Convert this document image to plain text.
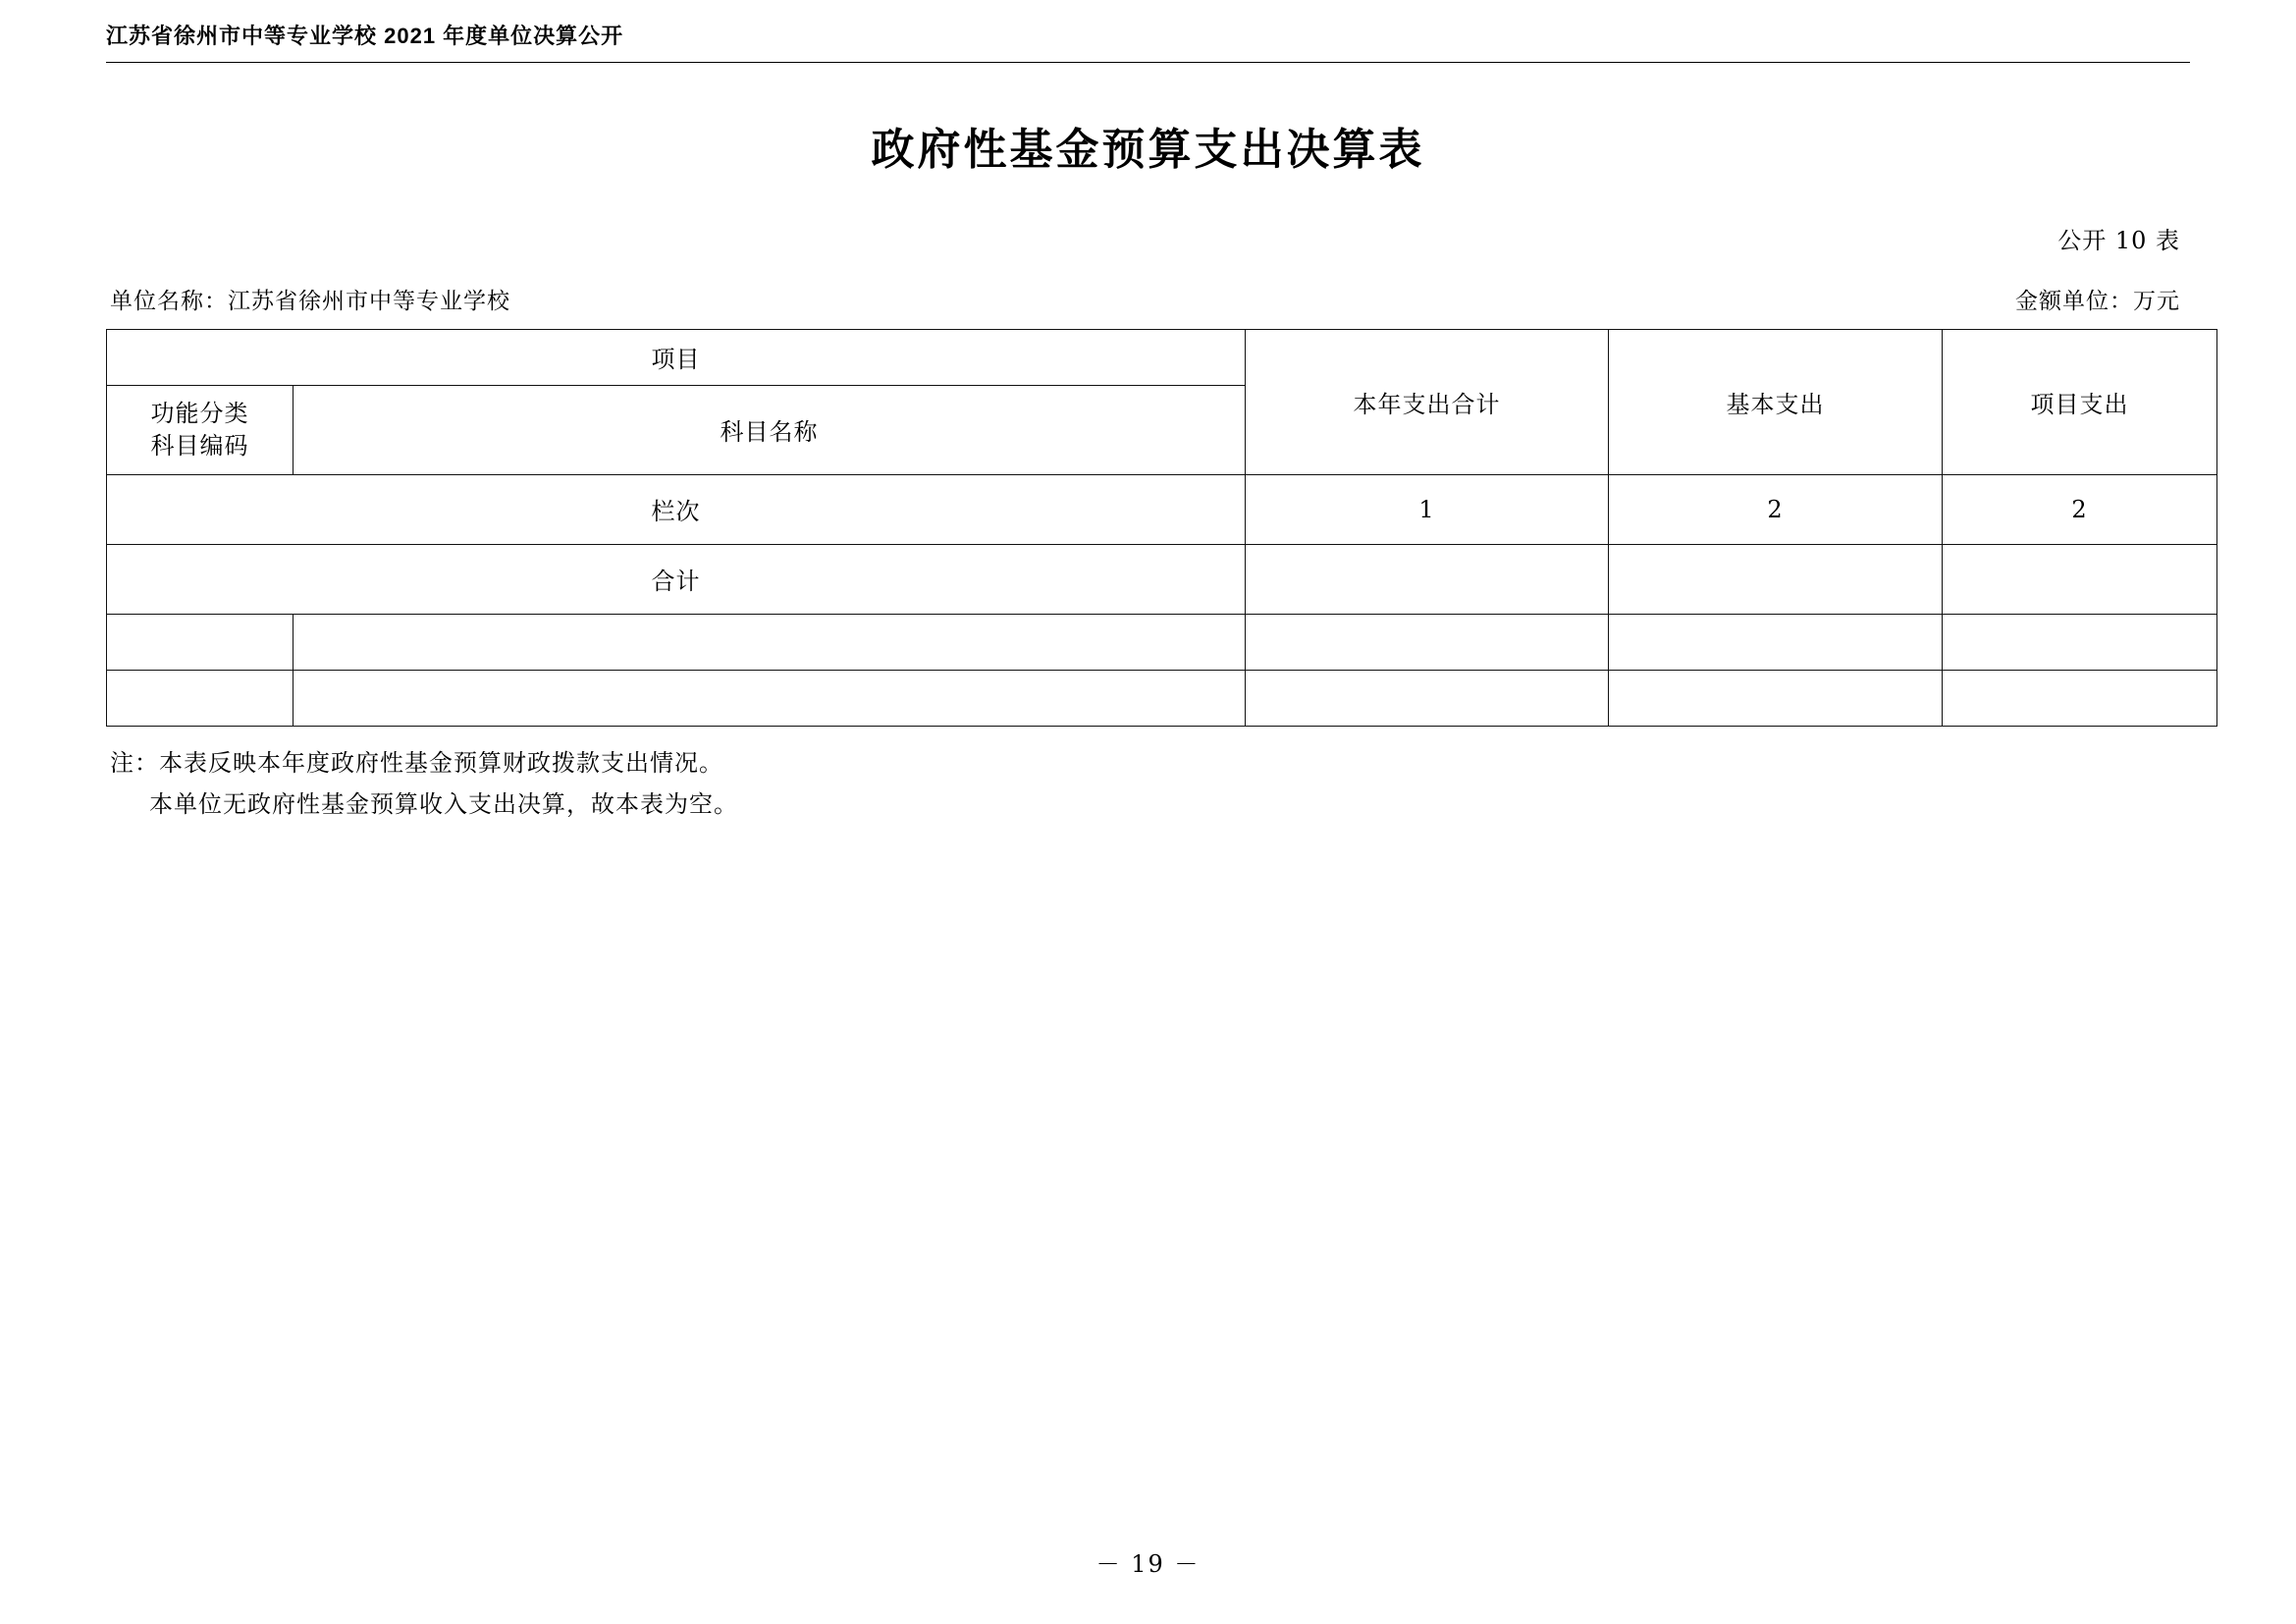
江苏省徐州市中等专业学校 2021 年度单位决算公开
政府性基金预算支出决算表
公开 10 表
单位名称：江苏省徐州市中等专业学校	金额单位：万元
项目		本年支出合计	基本支出	项目支出

功能分类
科目编码	科目名称			
栏次		1	2	2
合计				

注：本表反映本年度政府性基金预算财政拨款支出情况。
本单位无政府性基金预算收入支出决算，故本表为空。
－ 19 －
